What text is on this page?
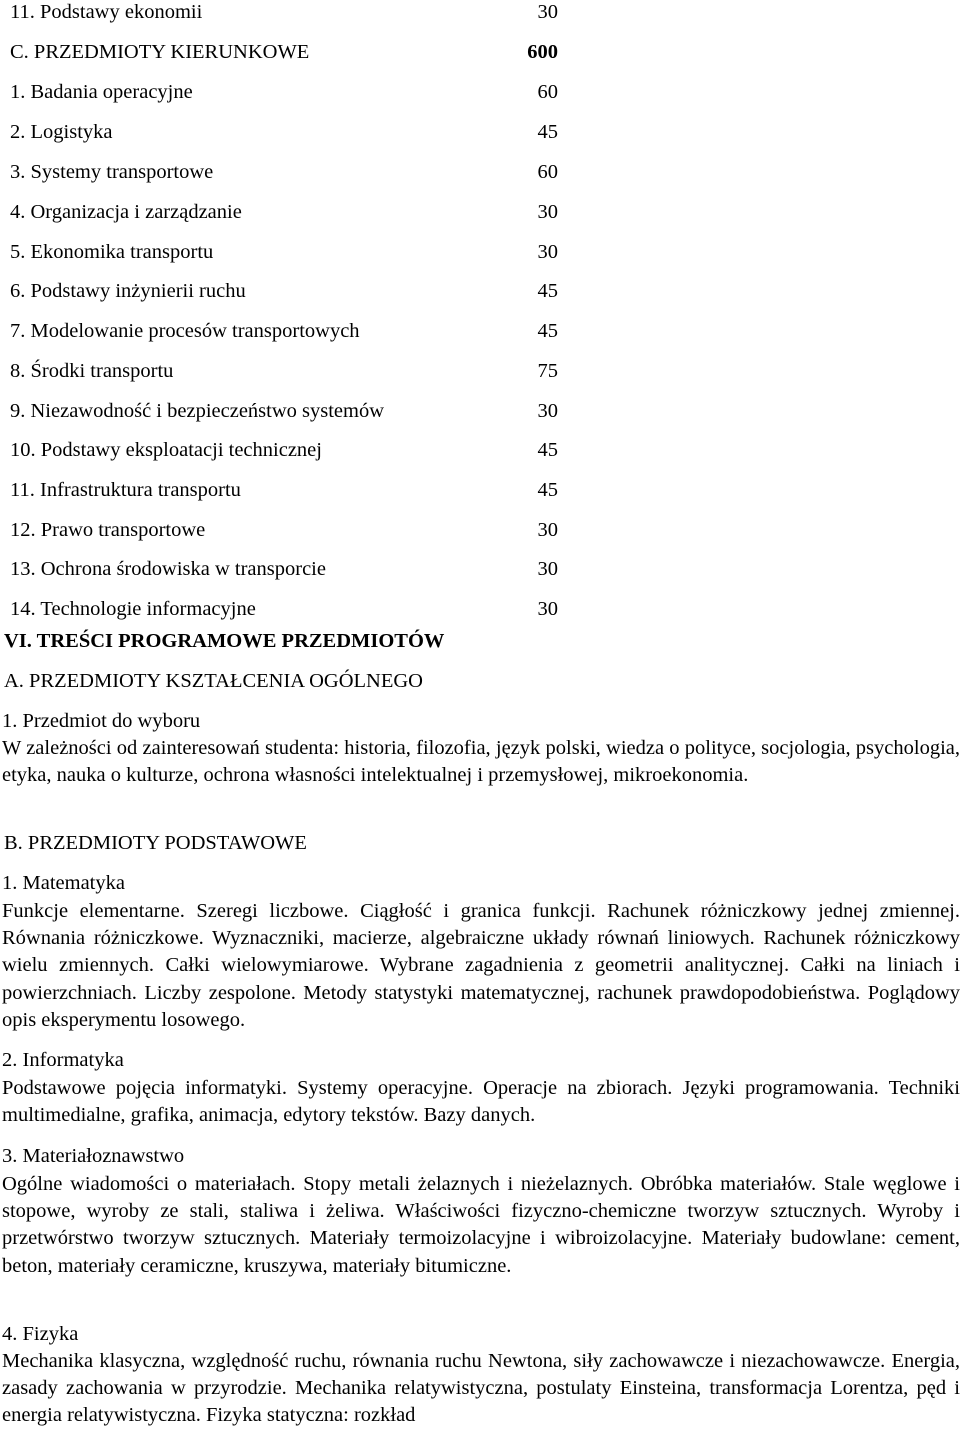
11. Podstawy ekonomii	30
C. PRZEDMIOTY KIERUNKOWE	600
1. Badania operacyjne	60
2. Logistyka	45
3. Systemy transportowe	60
4. Organizacja i zarządzanie	30
5. Ekonomika transportu	30
6. Podstawy inżynierii ruchu	45
7. Modelowanie procesów transportowych	45
8. Środki transportu	75
9. Niezawodność i bezpieczeństwo systemów	30
10. Podstawy eksploatacji technicznej	45
11. Infrastruktura transportu	45
12. Prawo transportowe	30
13. Ochrona środowiska w transporcie	30
14. Technologie informacyjne	30
VI. TREŚCI PROGRAMOWE PRZEDMIOTÓW
A. PRZEDMIOTY KSZTAŁCENIA OGÓLNEGO
1. Przedmiot do wyboru
W zależności od zainteresowań studenta: historia, filozofia, język polski, wiedza o polityce, socjologia, psychologia, etyka, nauka o kulturze, ochrona własności intelektualnej i przemysłowej, mikroekonomia.
B. PRZEDMIOTY PODSTAWOWE
1. Matematyka
Funkcje elementarne. Szeregi liczbowe. Ciągłość i granica funkcji. Rachunek różniczkowy jednej zmiennej. Równania różniczkowe. Wyznaczniki, macierze, algebraiczne układy równań liniowych. Rachunek różniczkowy wielu zmiennych. Całki wielowymiarowe. Wybrane zagadnienia z geometrii analitycznej. Całki na liniach i powierzchniach. Liczby zespolone. Metody statystyki matematycznej, rachunek prawdopodobieństwa. Poglądowy opis eksperymentu losowego.
2. Informatyka
Podstawowe pojęcia informatyki. Systemy operacyjne. Operacje na zbiorach. Języki programowania. Techniki multimedialne, grafika, animacja, edytory tekstów. Bazy danych.
3. Materiałoznawstwo
Ogólne wiadomości o materiałach. Stopy metali żelaznych i nieżelaznych. Obróbka materiałów. Stale węglowe i stopowe, wyroby ze stali, staliwa i żeliwa. Właściwości fizyczno-chemiczne tworzyw sztucznych. Wyroby i przetwórstwo tworzyw sztucznych. Materiały termoizolacyjne i wibroizolacyjne. Materiały budowlane: cement, beton, materiały ceramiczne, kruszywa, materiały bitumiczne.
4. Fizyka
Mechanika klasyczna, względność ruchu, równania ruchu Newtona, siły zachowawcze i niezachowawcze. Energia, zasady zachowania w przyrodzie. Mechanika relatywistyczna, postulaty Einsteina, transformacja Lorentza, pęd i energia relatywistyczna. Fizyka statyczna: rozkład
